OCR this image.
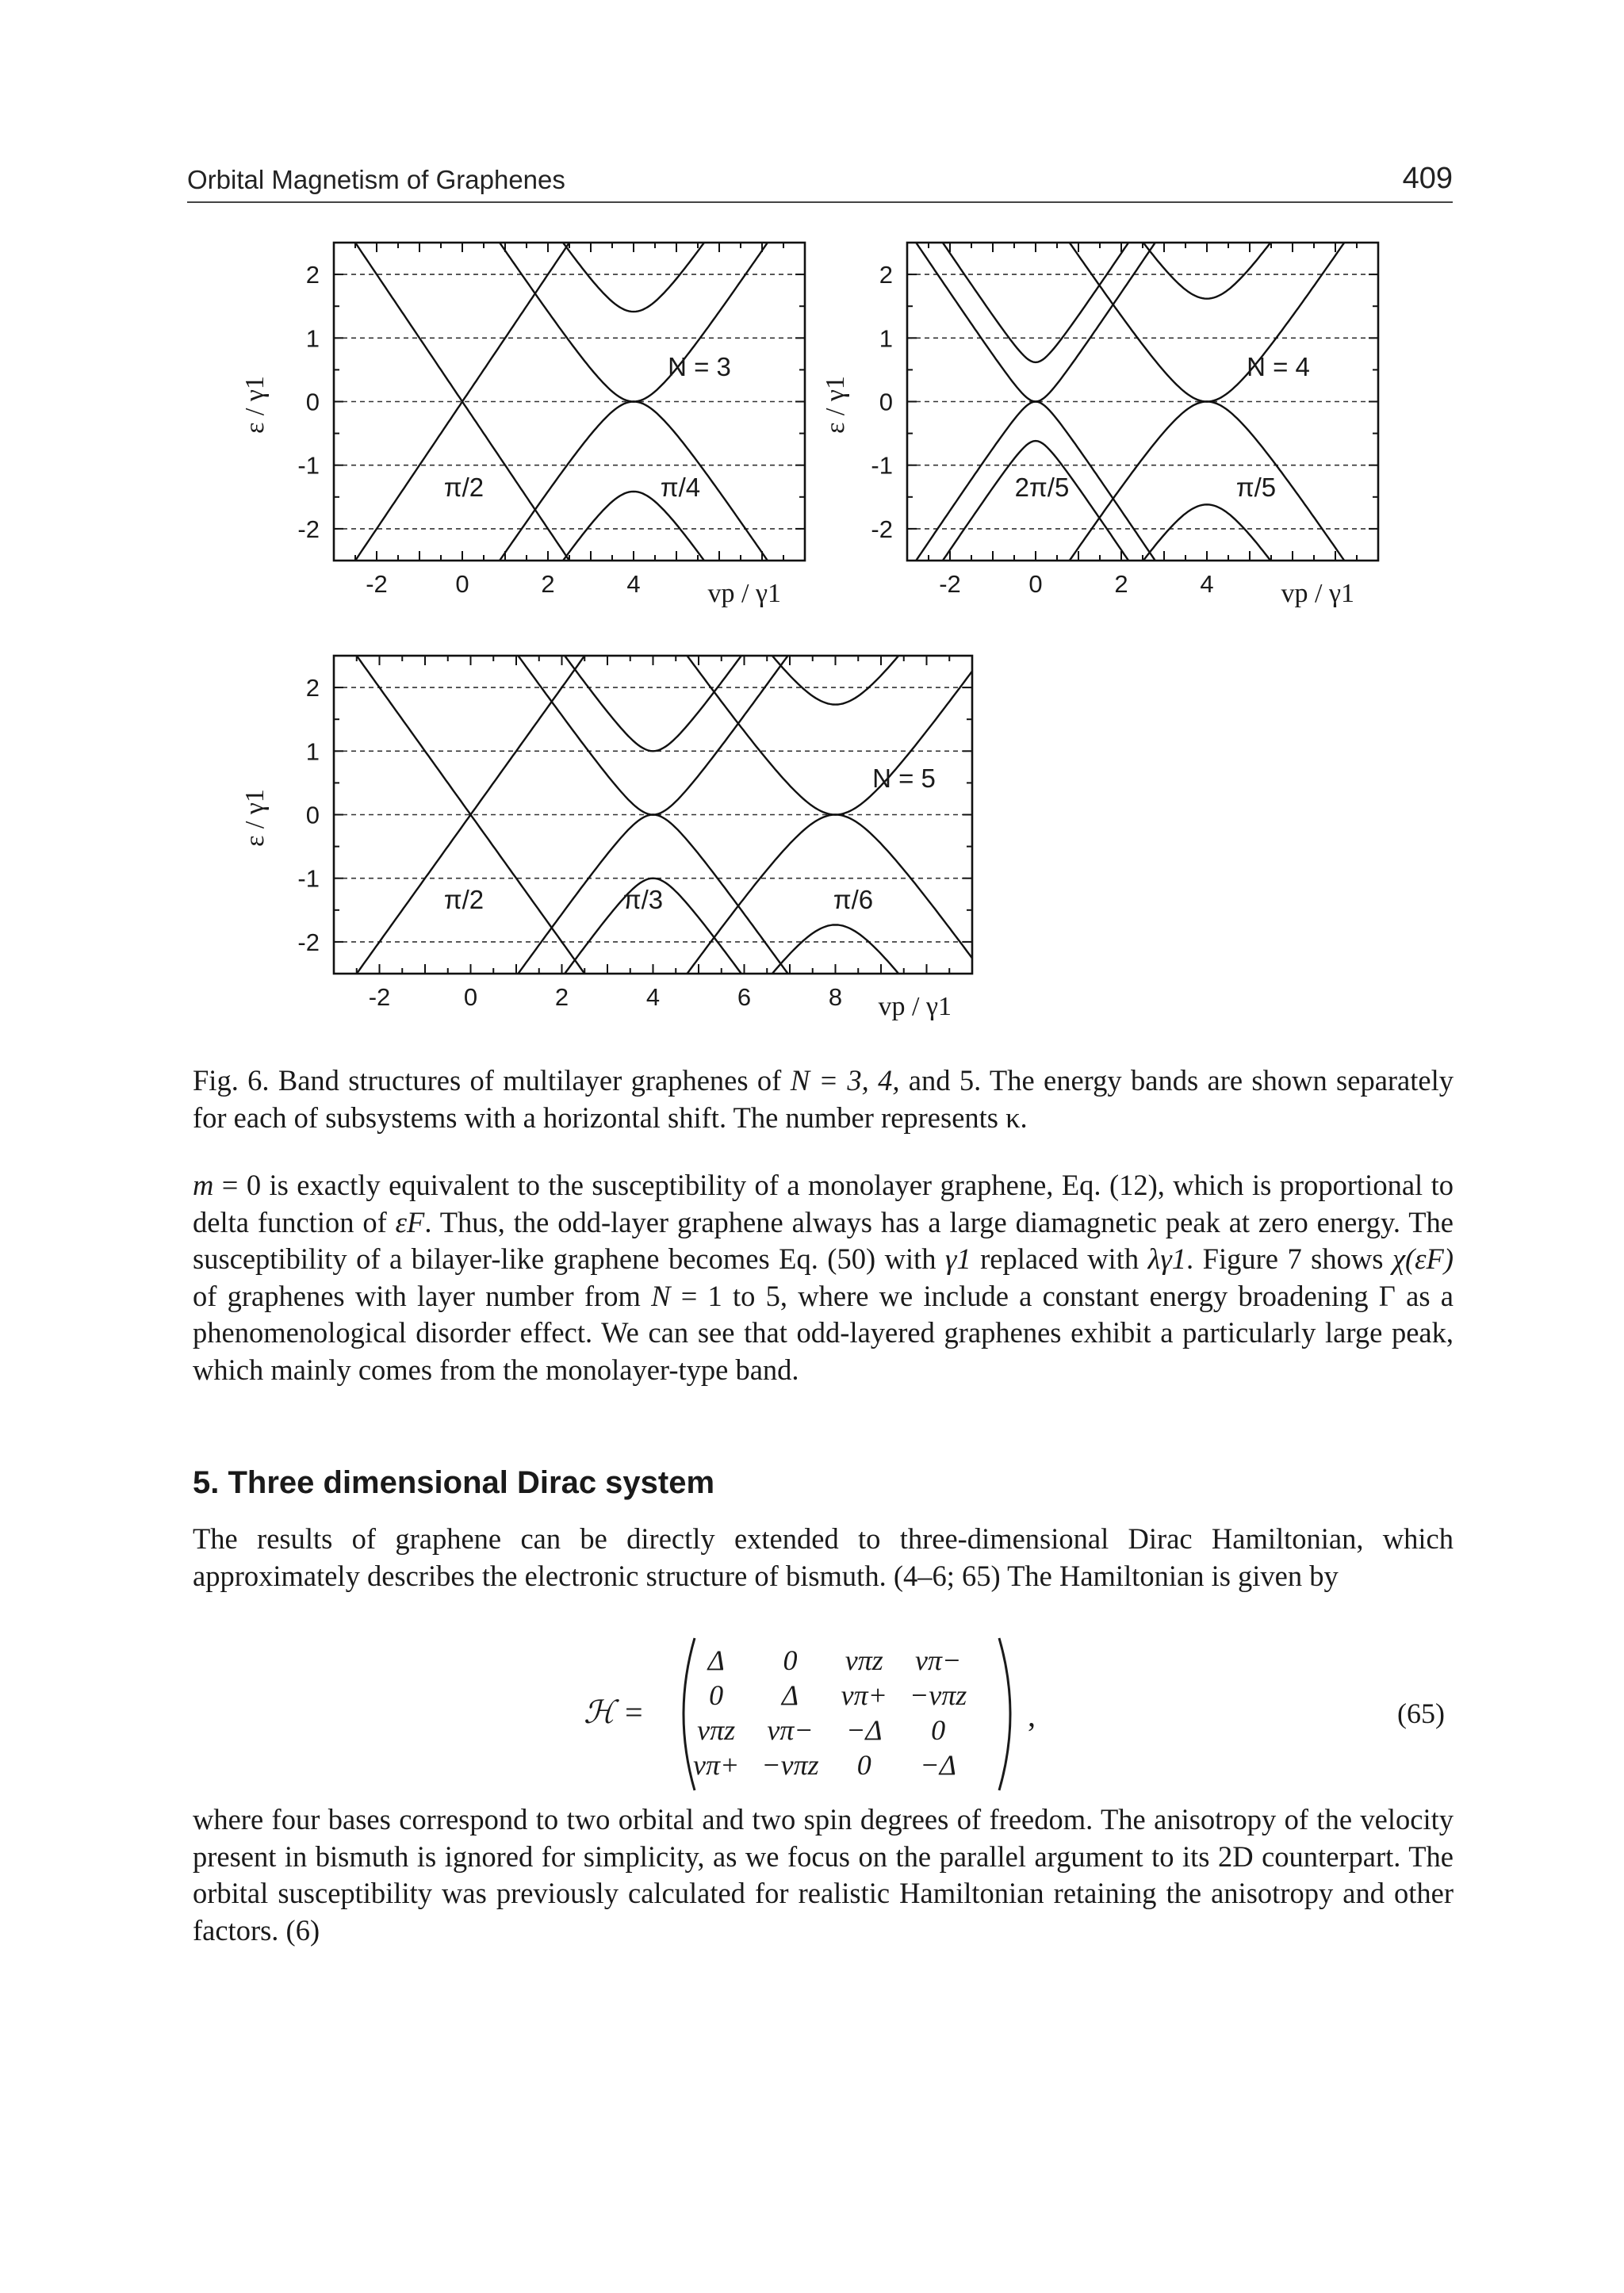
Orbital Magnetism of Graphenes	409
-2	0	2	4
2
1
0
-1
-2
vp / γ1
ε / γ1
N = 3
π/2	π/4
-2	0	2	4
2
1
0
-1
-2
vp / γ1
ε / γ1
N = 4
2π/5	π/5
-2	0	2	4	6	8
2
1
0
-1
-2
vp / γ1
ε / γ1
N = 5
π/2	π/3	π/6
Fig. 6. Band structures of multilayer graphenes of N = 3, 4, and 5. The energy bands are shown separately for each of subsystems with a horizontal shift. The number represents κ.
m = 0 is exactly equivalent to the susceptibility of a monolayer graphene, Eq. (12), which is proportional to delta function of εF. Thus, the odd-layer graphene always has a large diamagnetic peak at zero energy. The susceptibility of a bilayer-like graphene becomes Eq. (50) with γ1 replaced with λγ1. Figure 7 shows χ(εF) of graphenes with layer number from N = 1 to 5, where we include a constant energy broadening Γ as a phenomenological disorder effect. We can see that odd-layered graphenes exhibit a particularly large peak, which mainly comes from the monolayer-type band.
5. Three dimensional Dirac system
The results of graphene can be directly extended to three-dimensional Dirac Hamiltonian, which approximately describes the electronic structure of bismuth. (4–6; 65) The Hamiltonian is given by
ℋ =
Δ	0	vπz	vπ−
0	Δ	vπ+	−vπz
vπz	vπ−	−Δ	0
vπ+	−vπz	0	−Δ
,	(65)
where four bases correspond to two orbital and two spin degrees of freedom. The anisotropy of the velocity present in bismuth is ignored for simplicity, as we focus on the parallel argument to its 2D counterpart. The orbital susceptibility was previously calculated for realistic Hamiltonian retaining the anisotropy and other factors. (6)
